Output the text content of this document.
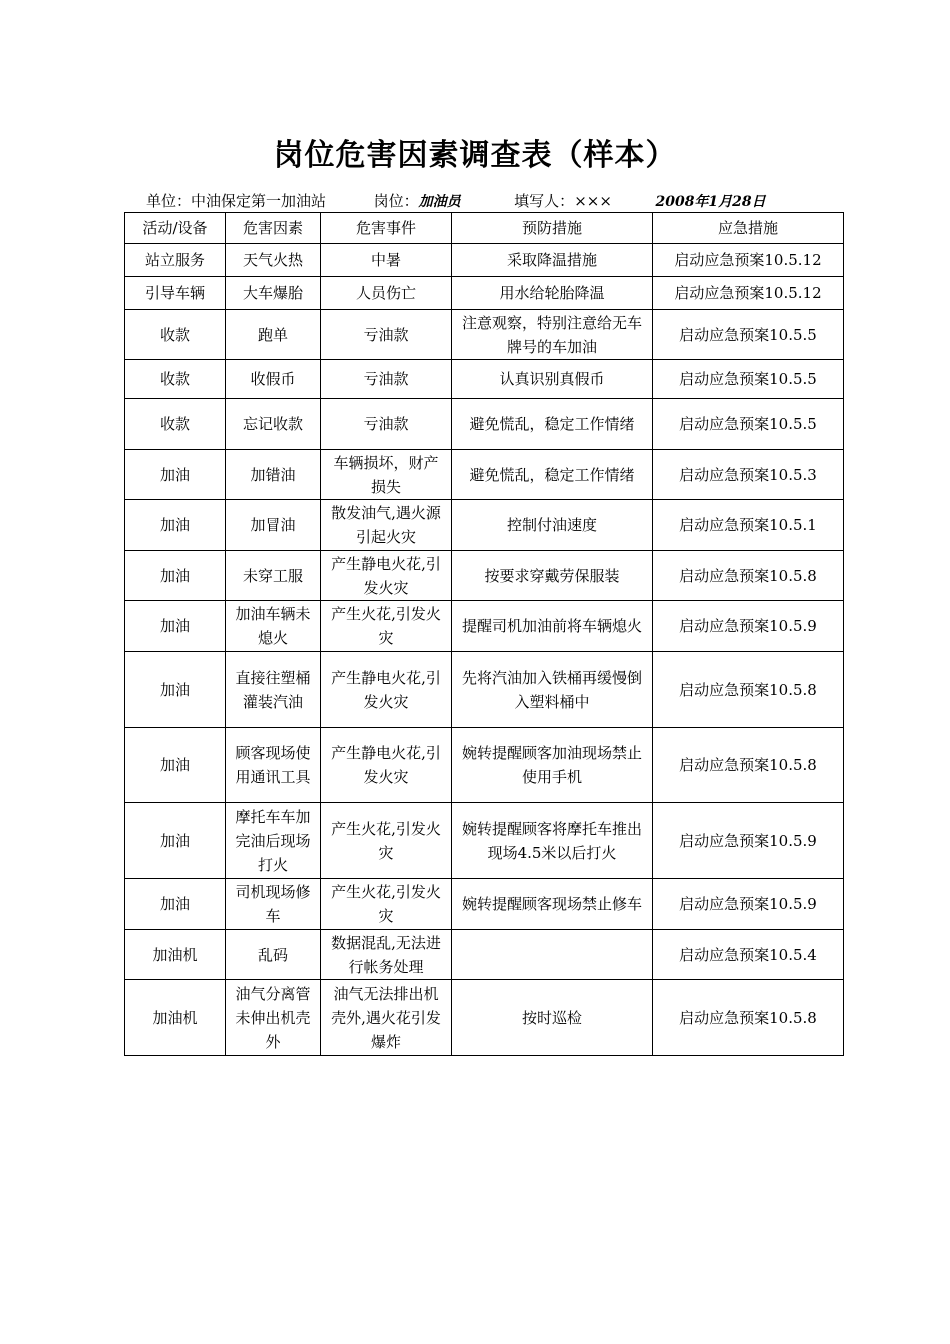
岗位危害因素调查表（样本）
单位：中油保定第一加油站	岗位：加油员	填写人：×××	2008年1月28日
活动/设备	危害因素	危害事件	预防措施	应急措施
站立服务	天气火热	中暑	采取降温措施	启动应急预案10.5.12
引导车辆	大车爆胎	人员伤亡	用水给轮胎降温	启动应急预案10.5.12
收款	跑单	亏油款	注意观察，特别注意给无车牌号的车加油	启动应急预案10.5.5
收款	收假币	亏油款	认真识别真假币	启动应急预案10.5.5
收款	忘记收款	亏油款	避免慌乱，稳定工作情绪	启动应急预案10.5.5
加油	加错油	车辆损坏，财产损失	避免慌乱，稳定工作情绪	启动应急预案10.5.3
加油	加冒油	散发油气,遇火源引起火灾	控制付油速度	启动应急预案10.5.1
加油	未穿工服	产生静电火花,引发火灾	按要求穿戴劳保服装	启动应急预案10.5.8
加油	加油车辆未熄火	产生火花,引发火灾	提醒司机加油前将车辆熄火	启动应急预案10.5.9
加油	直接往塑桶灌装汽油	产生静电火花,引发火灾	先将汽油加入铁桶再缓慢倒入塑料桶中	启动应急预案10.5.8
加油	顾客现场使用通讯工具	产生静电火花,引发火灾	婉转提醒顾客加油现场禁止使用手机	启动应急预案10.5.8
加油	摩托车车加完油后现场打火	产生火花,引发火灾	婉转提醒顾客将摩托车推出现场4.5米以后打火	启动应急预案10.5.9
加油	司机现场修车	产生火花,引发火灾	婉转提醒顾客现场禁止修车	启动应急预案10.5.9
加油机	乱码	数据混乱,无法进行帐务处理		启动应急预案10.5.4
加油机	油气分离管未伸出机壳外	油气无法排出机壳外,遇火花引发爆炸	按时巡检	启动应急预案10.5.8
